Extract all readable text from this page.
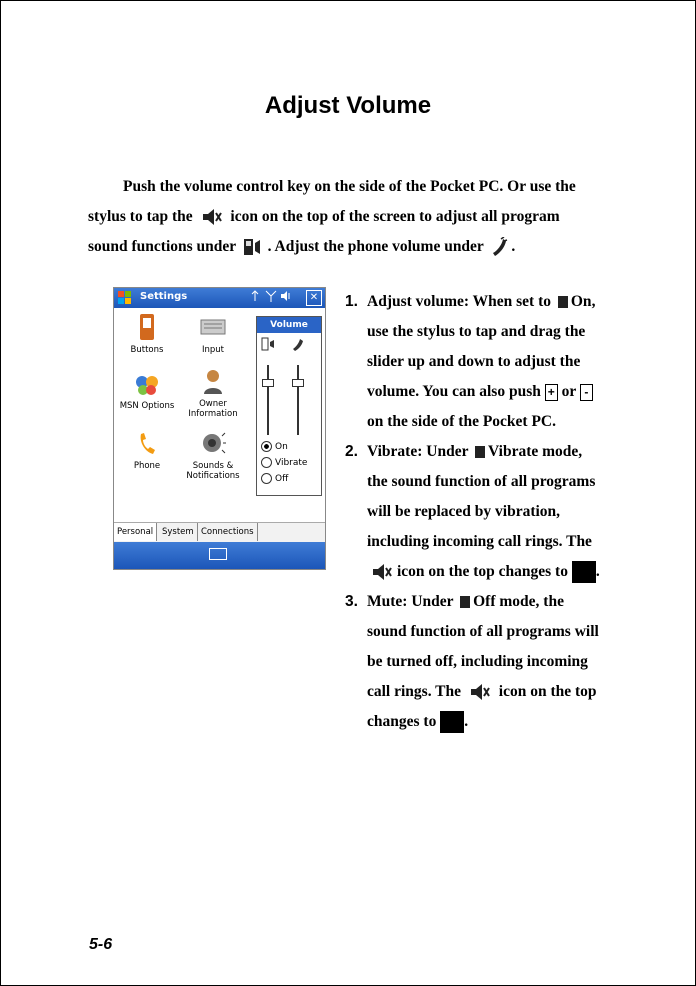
Adjust Volume

Push the volume control key on the side of the Pocket PC. Or use the

stylus to tap the icon on the top of the screen to adjust all program

sound functions under . Adjust the phone volume under .

Settings
	✕
Buttons	Input
MSN Options	Owner
Information
Phone	Sounds &
Notifications
Volume
On
Vibrate
Off
Personal	System Connections

1. Adjust volume: When set to On,

use the stylus to tap and drag the

slider up and down to adjust the

volume. You can also push + or -

on the side of the Pocket PC.

2. Vibrate: Under Vibrate mode,

the sound function of all programs

will be replaced by vibration,

including incoming call rings. The

icon on the top changes to .

3. Mute: Under Off mode, the

sound function of all programs will

be turned off, including incoming

call rings. The icon on the top

changes to .

5-6
